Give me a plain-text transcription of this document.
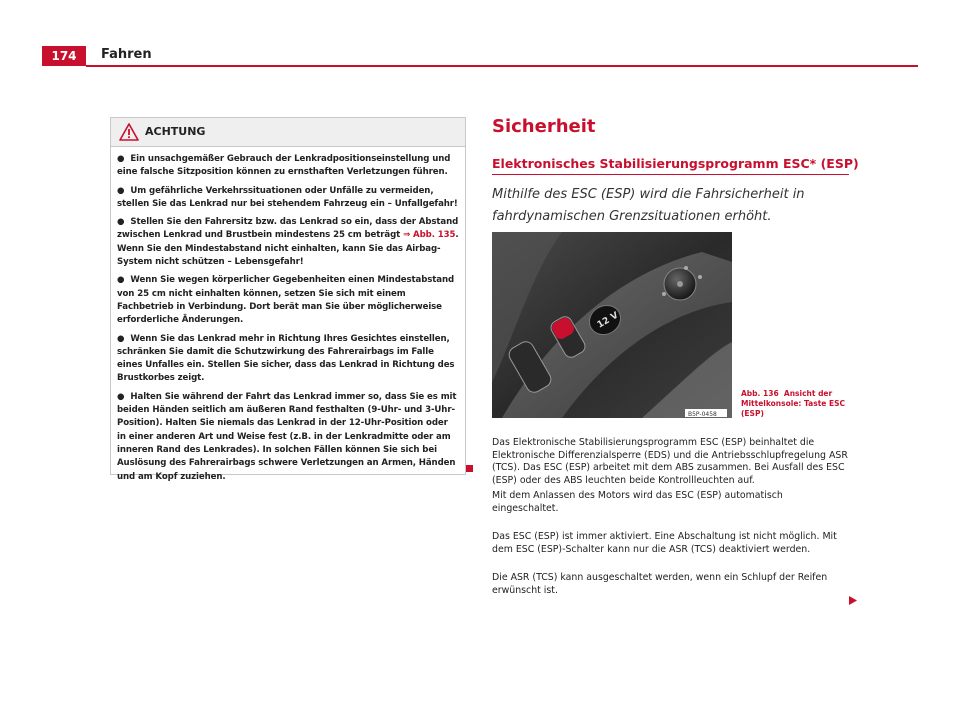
174	Fahren
ACHTUNG

● Ein unsachgemäßer Gebrauch der Lenkradpositionseinstellung und eine falsche Sitzposition können zu ernsthaften Verletzungen führen.

● Um gefährliche Verkehrssituationen oder Unfälle zu vermeiden, stellen Sie das Lenkrad nur bei stehendem Fahrzeug ein – Unfallgefahr!

● Stellen Sie den Fahrersitz bzw. das Lenkrad so ein, dass der Abstand zwischen Lenkrad und Brustbein mindestens 25 cm beträgt ⇒ Abb. 135. Wenn Sie den Mindestabstand nicht einhalten, kann Sie das Airbag-System nicht schützen – Lebensgefahr!

● Wenn Sie wegen körperlicher Gegebenheiten einen Mindestabstand von 25 cm nicht einhalten können, setzen Sie sich mit einem Fachbetrieb in Verbindung. Dort berät man Sie über möglicherweise erforderliche Änderungen.

● Wenn Sie das Lenkrad mehr in Richtung Ihres Gesichtes einstellen, schränken Sie damit die Schutzwirkung des Fahrerairbags im Falle eines Unfalles ein. Stellen Sie sicher, dass das Lenkrad in Richtung des Brustkorbes zeigt.

● Halten Sie während der Fahrt das Lenkrad immer so, dass Sie es mit beiden Händen seitlich am äußeren Rand festhalten (9-Uhr- und 3-Uhr-Position). Halten Sie niemals das Lenkrad in der 12-Uhr-Position oder in einer anderen Art und Weise fest (z.B. in der Lenkradmitte oder am inneren Rand des Lenkrades). In solchen Fällen können Sie sich bei Auslösung des Fahrerairbags schwere Verletzungen an Armen, Händen und am Kopf zuziehen.

Sicherheit
Elektronisches Stabilisierungsprogramm ESC* (ESP)
Mithilfe des ESC (ESP) wird die Fahrsicherheit in fahrdynamischen Grenzsituationen erhöht.
12 V
B5P-0458
Abb. 136 Ansicht der Mittelkonsole: Taste ESC (ESP)
Das Elektronische Stabilisierungsprogramm ESC (ESP) beinhaltet die Elektronische Differenzialsperre (EDS) und die Antriebsschlupfregelung ASR (TCS). Das ESC (ESP) arbeitet mit dem ABS zusammen. Bei Ausfall des ESC (ESP) oder des ABS leuchten beide Kontrollleuchten auf.
Mit dem Anlassen des Motors wird das ESC (ESP) automatisch eingeschaltet.
Das ESC (ESP) ist immer aktiviert. Eine Abschaltung ist nicht möglich. Mit dem ESC (ESP)-Schalter kann nur die ASR (TCS) deaktiviert werden.
Die ASR (TCS) kann ausgeschaltet werden, wenn ein Schlupf der Reifen erwünscht ist.
